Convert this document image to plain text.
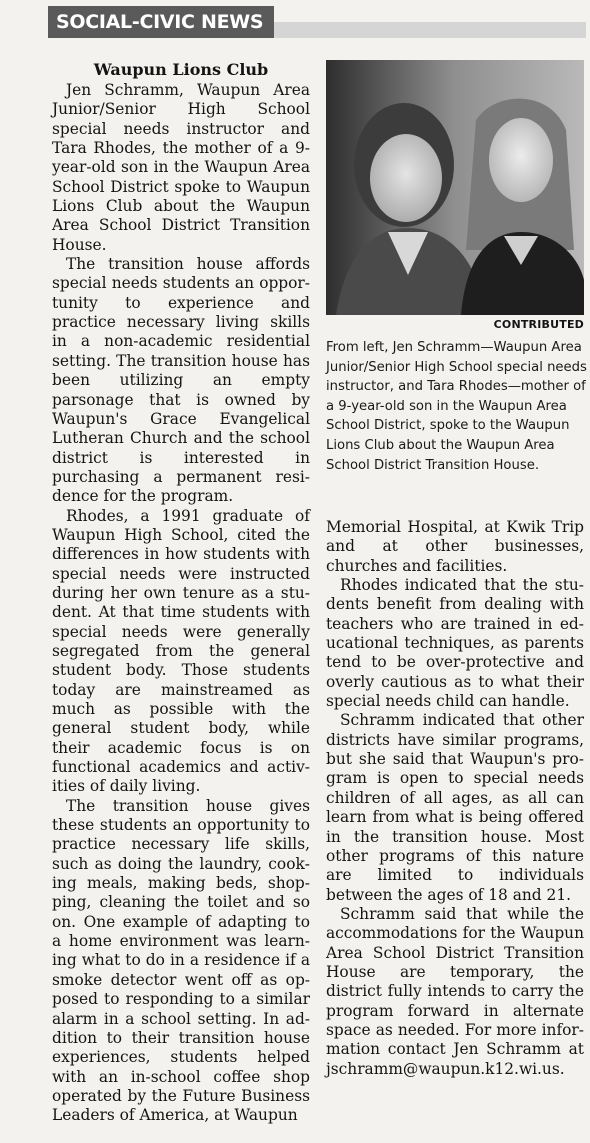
SOCIAL-CIVIC NEWS
Waupun Lions Club

Jen Schramm, Waupun Area Junior/Senior High School special needs instructor and Tara Rhodes, the mother of a 9-year-old son in the Waupun Area School District spoke to Waupun Lions Club about the Waupun Area School District Transition House.

The transition house affords special needs students an opportunity to experience and practice necessary living skills in a non-academic residential setting. The transition house has been utilizing an empty parsonage that is owned by Waupun's Grace Evangelical Lutheran Church and the school district is interested in purchasing a permanent residence for the program.

Rhodes, a 1991 graduate of Waupun High School, cited the differences in how students with special needs were instructed during her own tenure as a student. At that time students with special needs were generally segregated from the general student body. Those students today are mainstreamed as much as possible with the general student body, while their academic focus is on functional academics and activities of daily living.

The transition house gives these students an opportunity to practice necessary life skills, such as doing the laundry, cooking meals, making beds, shopping, cleaning the toilet and so on. One example of adapting to a home environment was learning what to do in a residence if a smoke detector went off as opposed to responding to a similar alarm in a school setting. In addition to their transition house experiences, students helped with an in-school coffee shop operated by the Future Business Leaders of America, at Waupun

CONTRIBUTED
From left, Jen Schramm—Waupun Area Junior/Senior High School special needs instructor, and Tara Rhodes—mother of a 9-year-old son in the Waupun Area School District, spoke to the Waupun Lions Club about the Waupun Area School District Transition House.

Memorial Hospital, at Kwik Trip and at other businesses, churches and facilities.

Rhodes indicated that the students benefit from dealing with teachers who are trained in educational techniques, as parents tend to be over-protective and overly cautious as to what their special needs child can handle.

Schramm indicated that other districts have similar programs, but she said that Waupun's program is open to special needs children of all ages, as all can learn from what is being offered in the transition house. Most other programs of this nature are limited to individuals between the ages of 18 and 21.

Schramm said that while the accommodations for the Waupun Area School District Transition House are temporary, the district fully intends to carry the program forward in alternate space as needed. For more information contact Jen Schramm at jschramm@waupun.k12.wi.us.
